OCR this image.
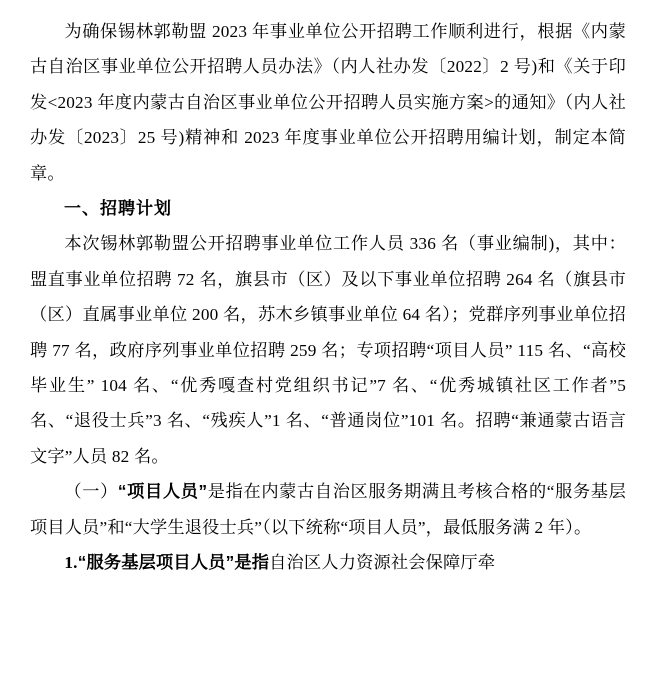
为确保锡林郭勒盟 2023 年事业单位公开招聘工作顺利进行，根据《内蒙古自治区事业单位公开招聘人员办法》（内人社办发〔2022〕2 号)和《关于印发<2023 年度内蒙古自治区事业单位公开招聘人员实施方案>的通知》（内人社办发〔2023〕25 号)精神和 2023 年度事业单位公开招聘用编计划，制定本简章。

一、招聘计划

本次锡林郭勒盟公开招聘事业单位工作人员 336 名（事业编制)，其中：盟直事业单位招聘 72 名，旗县市（区）及以下事业单位招聘 264 名（旗县市（区）直属事业单位 200 名，苏木乡镇事业单位 64 名）；党群序列事业单位招聘 77 名，政府序列事业单位招聘 259 名；专项招聘“项目人员” 115 名、“高校毕业生” 104 名、“优秀嘎查村党组织书记”7 名、“优秀城镇社区工作者”5 名、“退役士兵”3 名、“残疾人”1 名、“普通岗位”101 名。招聘“兼通蒙古语言文字”人员 82 名。

（一）“项目人员”是指在内蒙古自治区服务期满且考核合格的“服务基层项目人员”和“大学生退役士兵”（以下统称“项目人员”，最低服务满 2 年）。

1.“服务基层项目人员”是指自治区人力资源社会保障厅牵
